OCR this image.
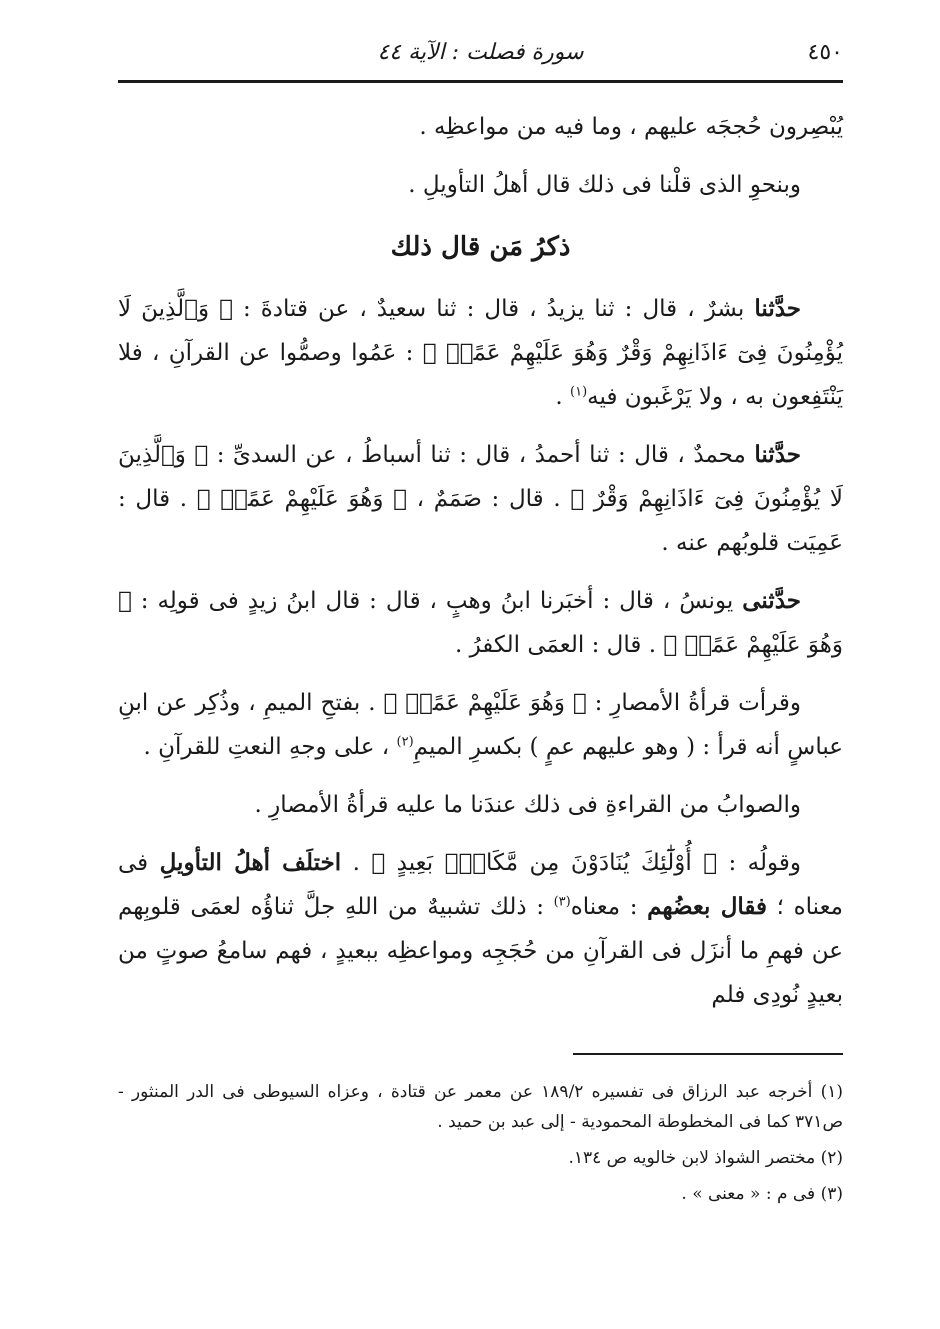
٤٥٠
سورة فصلت : الآية ٤٤

يُبْصِرون حُججَه عليهم ، وما فيه من مواعظِه .

وبنحوِ الذى قلْنا فى ذلك قال أهلُ التأويلِ .

ذكرُ مَن قال ذلك

حدَّثنا بشرٌ ، قال : ثنا يزيدُ ، قال : ثنا سعيدٌ ، عن قتادةَ : ﴿ وَٱلَّذِينَ لَا يُؤْمِنُونَ فِىٓ ءَاذَانِهِمْ وَقْرٌ وَهُوَ عَلَيْهِمْ عَمًىۚ ﴾ : عَمُوا وصمُّوا عن القرآنِ ، فلا يَنْتَفِعون به ، ولا يَرْغَبون فيه$^{(١)}$ .

حدَّثنا محمدٌ ، قال : ثنا أحمدُ ، قال : ثنا أسباطُ ، عن السدىِّ : ﴿ وَٱلَّذِينَ لَا يُؤْمِنُونَ فِىٓ ءَاذَانِهِمْ وَقْرٌ ﴾ . قال : صَمَمٌ ، ﴿ وَهُوَ عَلَيْهِمْ عَمًىۚ ﴾ . قال : عَمِيَت قلوبُهم عنه .

حدَّثنى يونسُ ، قال : أخبَرنا ابنُ وهبٍ ، قال : قال ابنُ زيدٍ فى قولِه : ﴿ وَهُوَ عَلَيْهِمْ عَمًىۚ ﴾ . قال : العمَى الكفرُ .

وقرأت قرأةُ الأمصارِ : ﴿ وَهُوَ عَلَيْهِمْ عَمًىۚ ﴾ . بفتحِ الميمِ ، وذُكِر عن ابنِ عباسٍ أنه قرأ : ( وهو عليهم عمٍ ) بكسرِ الميمِ$^{(٢)}$ ، على وجهِ النعتِ للقرآنِ .

والصوابُ من القراءةِ فى ذلك عندَنا ما عليه قرأةُ الأمصارِ .

وقولُه : ﴿ أُوْلَٰٓئِكَ يُنَادَوْنَ مِن مَّكَانٍۭ بَعِيدٍ ﴾ . اختلَف أهلُ التأويلِ فى معناه ؛ فقال بعضُهم : معناه$^{(٣)}$ : ذلك تشبيهٌ من اللهِ جلَّ ثناؤُه لعمَى قلوبِهم عن فهمِ ما أنزَل فى القرآنِ من حُجَجِه ومواعظِه ببعيدٍ ، فهم سامعُ صوتٍ من بعيدٍ نُودِى فلم

(١) أخرجه عبد الرزاق فى تفسيره ١٨٩/٢ عن معمر عن قتادة ، وعزاه السيوطى فى الدر المنثور - ص٣٧١ كما فى المخطوطة المحمودية - إلى عبد بن حميد .

(٢) مختصر الشواذ لابن خالويه ص ١٣٤.

(٣) فى م : « معنى » .
